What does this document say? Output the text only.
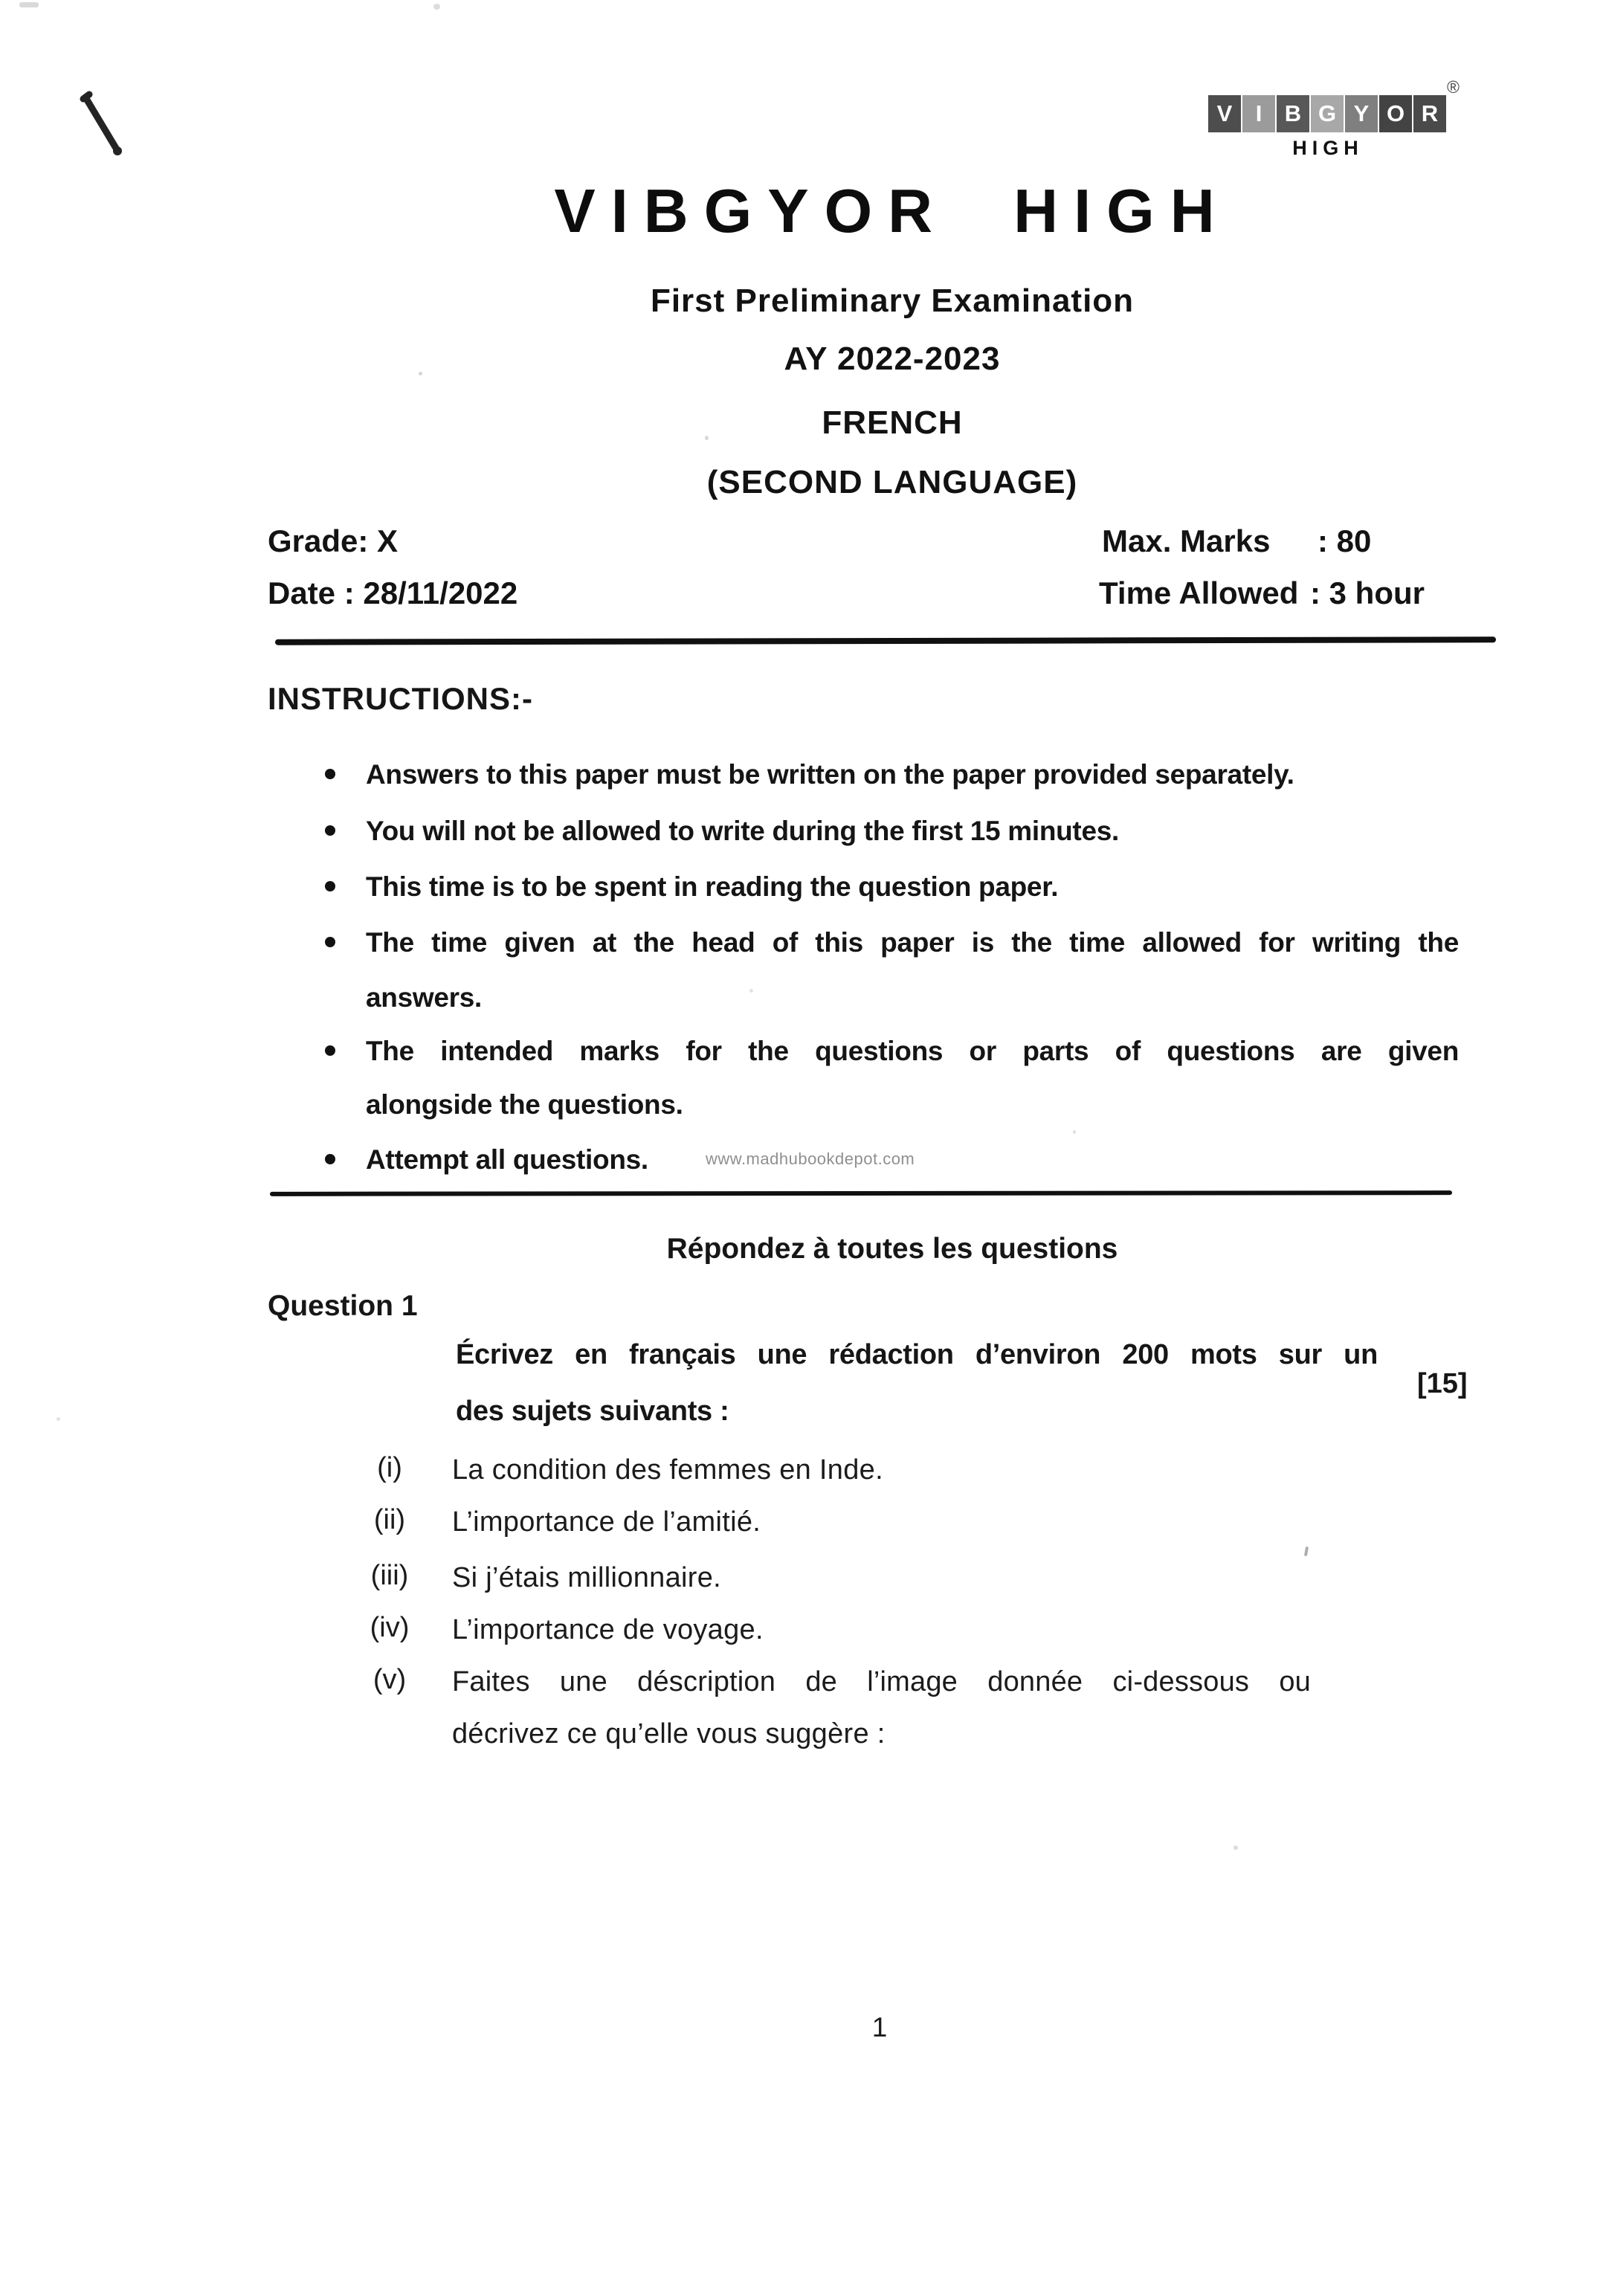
V I B G Y O R
®
HIGH
VIBGYOR HIGH
First Preliminary Examination
AY 2022-2023
FRENCH
(SECOND LANGUAGE)
Grade: X	Max. Marks : 80
Date : 28/11/2022	Time Allowed : 3 hour
INSTRUCTIONS:-
Answers to this paper must be written on the paper provided separately.
You will not be allowed to write during the first 15 minutes.
This time is to be spent in reading the question paper.
The time given at the head of this paper is the time allowed for writing the
answers.
The intended marks for the questions or parts of questions are given
alongside the questions.
Attempt all questions.	www.madhubookdepot.com
Répondez à toutes les questions
Question 1
Écrivez en français une rédaction d’environ 200 mots sur un
des sujets suivants :
[15]
(i)	La condition des femmes en Inde.
(ii)	L’importance de l’amitié.
(iii)	Si j’étais millionnaire.
(iv)	L’importance de voyage.
(v)	Faites une déscription de l’image donnée ci-dessous ou
décrivez ce qu’elle vous suggère :
1
